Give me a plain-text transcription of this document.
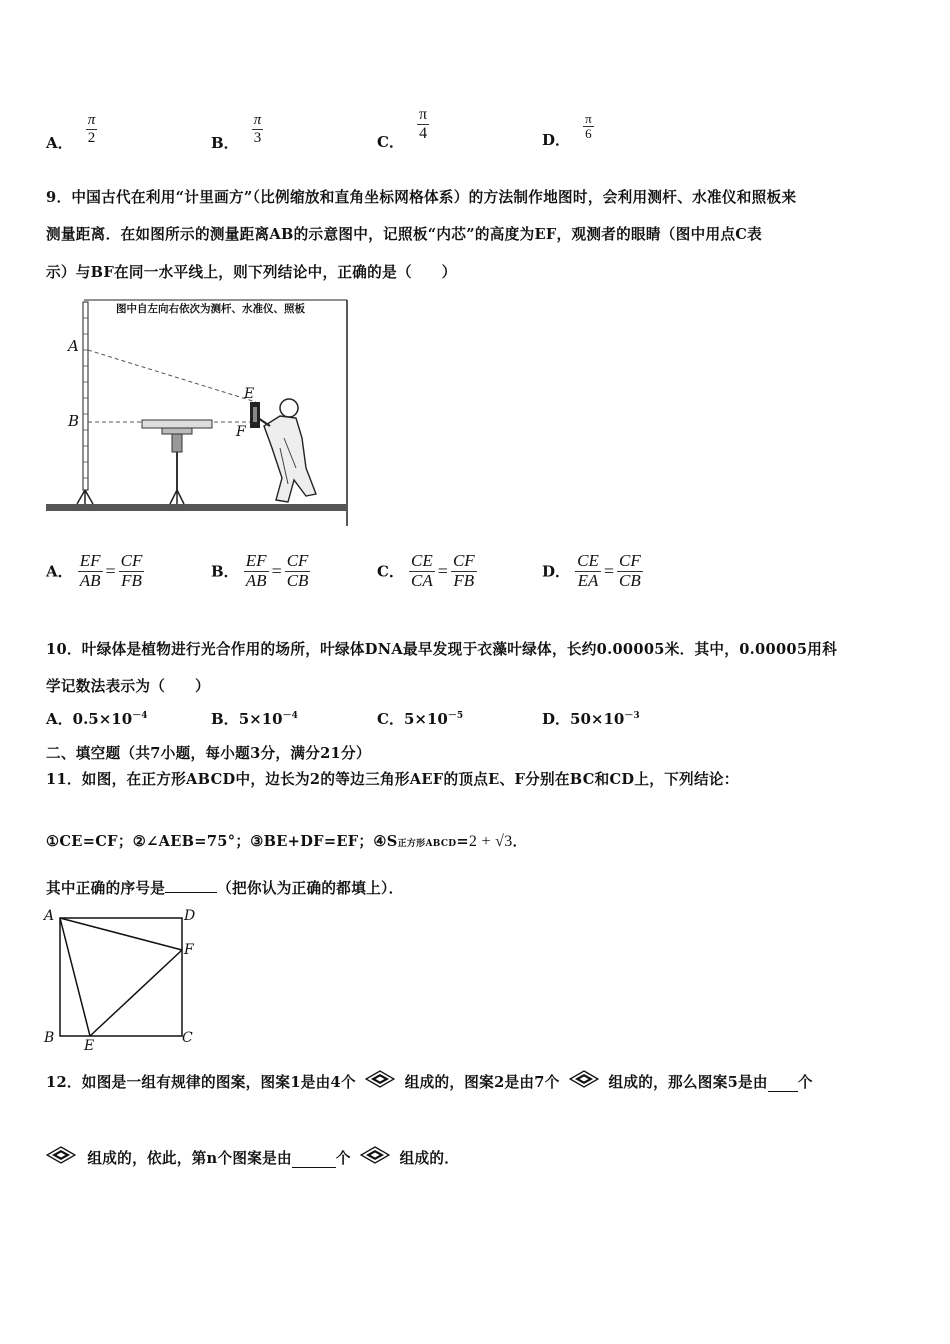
A． $\frac{\pi}{2}$	B． $\frac{\pi}{3}$	C． $\frac{\pi}{4}$	D． $\frac{\pi}{6}$
9．中国古代在利用“计里画方”（比例缩放和直角坐标网格体系）的方法制作地图时，会利用测杆、水准仪和照板来
测量距离．在如图所示的测量距离AB的示意图中，记照板“内芯”的高度为EF，观测者的眼睛（图中用点C表
示）与BF在同一水平线上，则下列结论中，正确的是（　　）
图中自左向右依次为测杆、水准仪、照板
A
B
E
F
A． $\frac{EF}{AB} = \frac{CF}{FB}$	B． $\frac{EF}{AB} = \frac{CF}{CB}$	C． $\frac{CE}{CA} = \frac{CF}{FB}$	D． $\frac{CE}{EA} = \frac{CF}{CB}$
10．叶绿体是植物进行光合作用的场所，叶绿体DNA最早发现于衣藻叶绿体，长约0.00005米．其中，0.00005用科
学记数法表示为（　　）
A．$0.5\times 10^{-4}$	B．$5\times 10^{-4}$	C．$5\times 10^{-5}$	D．$50\times 10^{-3}$
二、填空题（共7小题，每小题3分，满分21分）
11．如图，在正方形ABCD中，边长为2的等边三角形AEF的顶点E、F分别在BC和CD上，下列结论：
①CE=CF；②∠AEB=75°；③BE+DF=EF；④S正方形ABCD=2 + √3．
其中正确的序号是	（把你认为正确的都填上）．
A	D
F
B E	C
12．如图是一组有规律的图案，图案1是由4个	组成的，图案2是由7个	组成的，那么图案5是由 个
组成的，依此，第n个图案是由	个	组成的．
